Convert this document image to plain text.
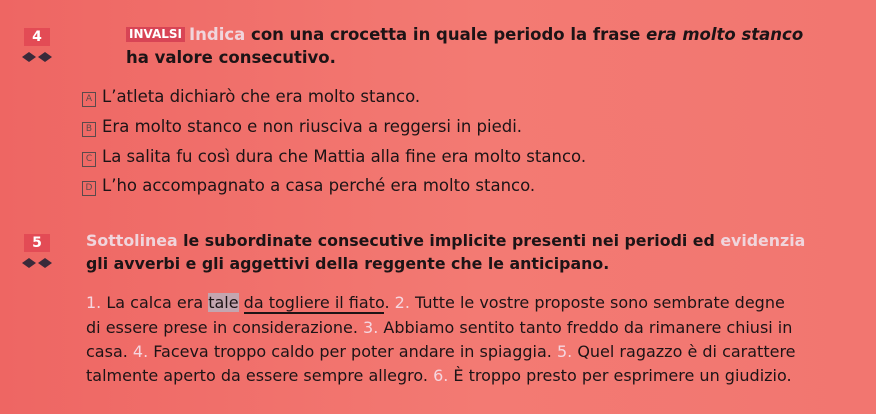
4	INVALSI Indica con una crocetta in quale periodo la frase era molto stanco
ha valore consecutivo.
A L’atleta dichiarò che era molto stanco.
B Era molto stanco e non riusciva a reggersi in piedi.
C La salita fu così dura che Mattia alla fine era molto stanco.
D L’ho accompagnato a casa perché era molto stanco.
5	Sottolinea le subordinate consecutive implicite presenti nei periodi ed evidenzia
gli avverbi e gli aggettivi della reggente che le anticipano.
1. La calca era tale da togliere il fiato. 2. Tutte le vostre proposte sono sembrate degne
di essere prese in considerazione. 3. Abbiamo sentito tanto freddo da rimanere chiusi in
casa. 4. Faceva troppo caldo per poter andare in spiaggia. 5. Quel ragazzo è di carattere
talmente aperto da essere sempre allegro. 6. È troppo presto per esprimere un giudizio.
